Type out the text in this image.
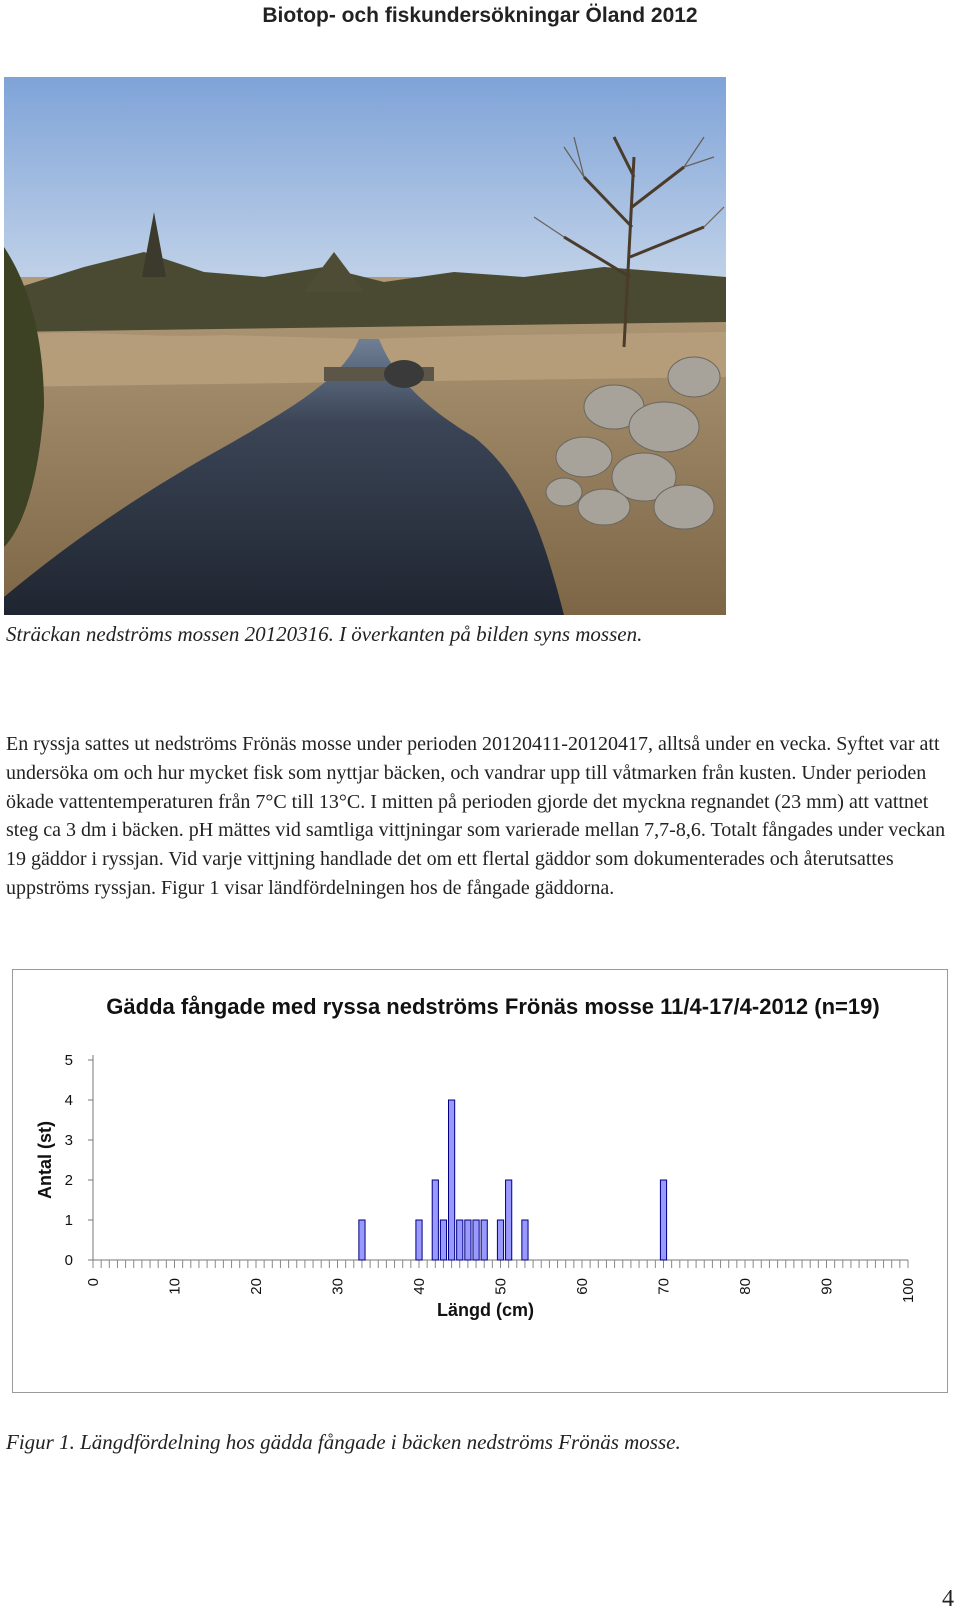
Biotop- och fiskundersökningar Öland 2012

Sträckan nedströms mossen 20120316. I överkanten på bilden syns mossen.

En ryssja sattes ut nedströms Frönäs mosse under perioden 20120411-20120417, alltså under en vecka. Syftet var att undersöka om och hur mycket fisk som nyttjar bäcken, och vandrar upp till våtmarken från kusten. Under perioden ökade vattentemperaturen från 7°C till 13°C. I mitten på perioden gjorde det myckna regnandet (23 mm) att vattnet steg ca 3 dm i bäcken. pH mättes vid samtliga vittjningar som varierade mellan 7,7-8,6. Totalt fångades under veckan 19 gäddor i ryssjan. Vid varje vittjning handlade det om ett flertal gäddor som dokumenterades och återutsattes uppströms ryssjan. Figur 1 visar ländfördelningen hos de fångade gäddorna.

Gädda fångade med ryssa nedströms Frönäs mosse 11/4-17/4-2012 (n=19)
0
1
2
3
4
5
0	10	20	30	40	50	60	70	80	90	100
Längd (cm)
Antal (st)

Figur 1. Längdfördelning hos gädda fångade i bäcken nedströms Frönäs mosse.

4
